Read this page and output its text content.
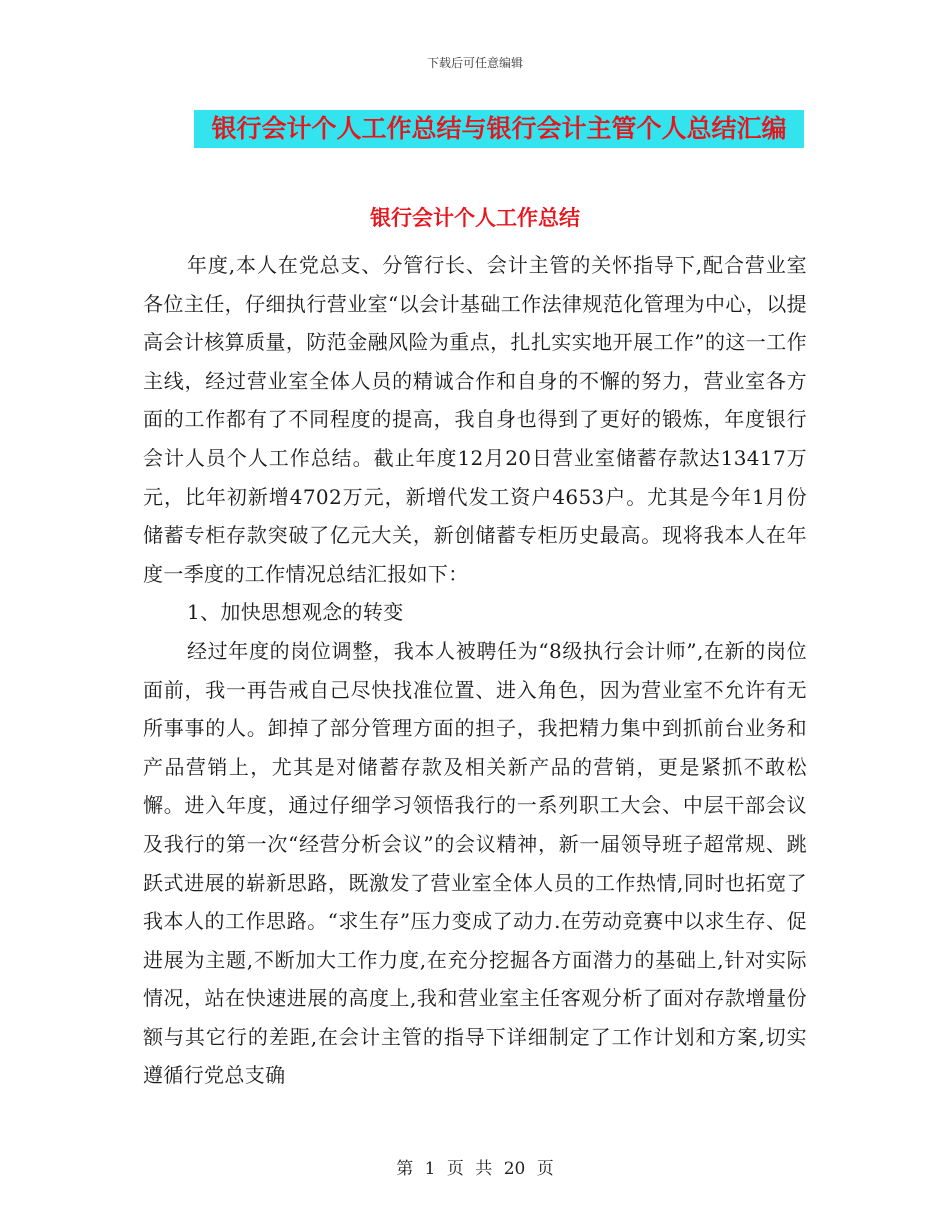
下载后可任意编辑
银行会计个人工作总结与银行会计主管个人总结汇编
银行会计个人工作总结

年度,本人在党总支、分管行长、会计主管的关怀指导下,配合营业室各位主任，仔细执行营业室“以会计基础工作法律规范化管理为中心，以提高会计核算质量，防范金融风险为重点，扎扎实实地开展工作”的这一工作主线，经过营业室全体人员的精诚合作和自身的不懈的努力，营业室各方面的工作都有了不同程度的提高，我自身也得到了更好的锻炼，年度银行会计人员个人工作总结。截止年度12月20日营业室储蓄存款达13417万元，比年初新增4702万元，新增代发工资户4653户。尤其是今年1月份储蓄专柜存款突破了亿元大关，新创储蓄专柜历史最高。现将我本人在年度一季度的工作情况总结汇报如下：

1、加快思想观念的转变

经过年度的岗位调整，我本人被聘任为“8级执行会计师”,在新的岗位面前，我一再告戒自己尽快找准位置、进入角色，因为营业室不允许有无所事事的人。卸掉了部分管理方面的担子，我把精力集中到抓前台业务和产品营销上，尤其是对储蓄存款及相关新产品的营销，更是紧抓不敢松懈。进入年度，通过仔细学习领悟我行的一系列职工大会、中层干部会议及我行的第一次“经营分析会议”的会议精神，新一届领导班子超常规、跳跃式进展的崭新思路，既激发了营业室全体人员的工作热情,同时也拓宽了我本人的工作思路。“求生存”压力变成了动力.在劳动竞赛中以求生存、促进展为主题,不断加大工作力度,在充分挖掘各方面潜力的基础上,针对实际情况，站在快速进展的高度上,我和营业室主任客观分析了面对存款增量份额与其它行的差距,在会计主管的指导下详细制定了工作计划和方案,切实遵循行党总支确

第 1 页 共 20 页
